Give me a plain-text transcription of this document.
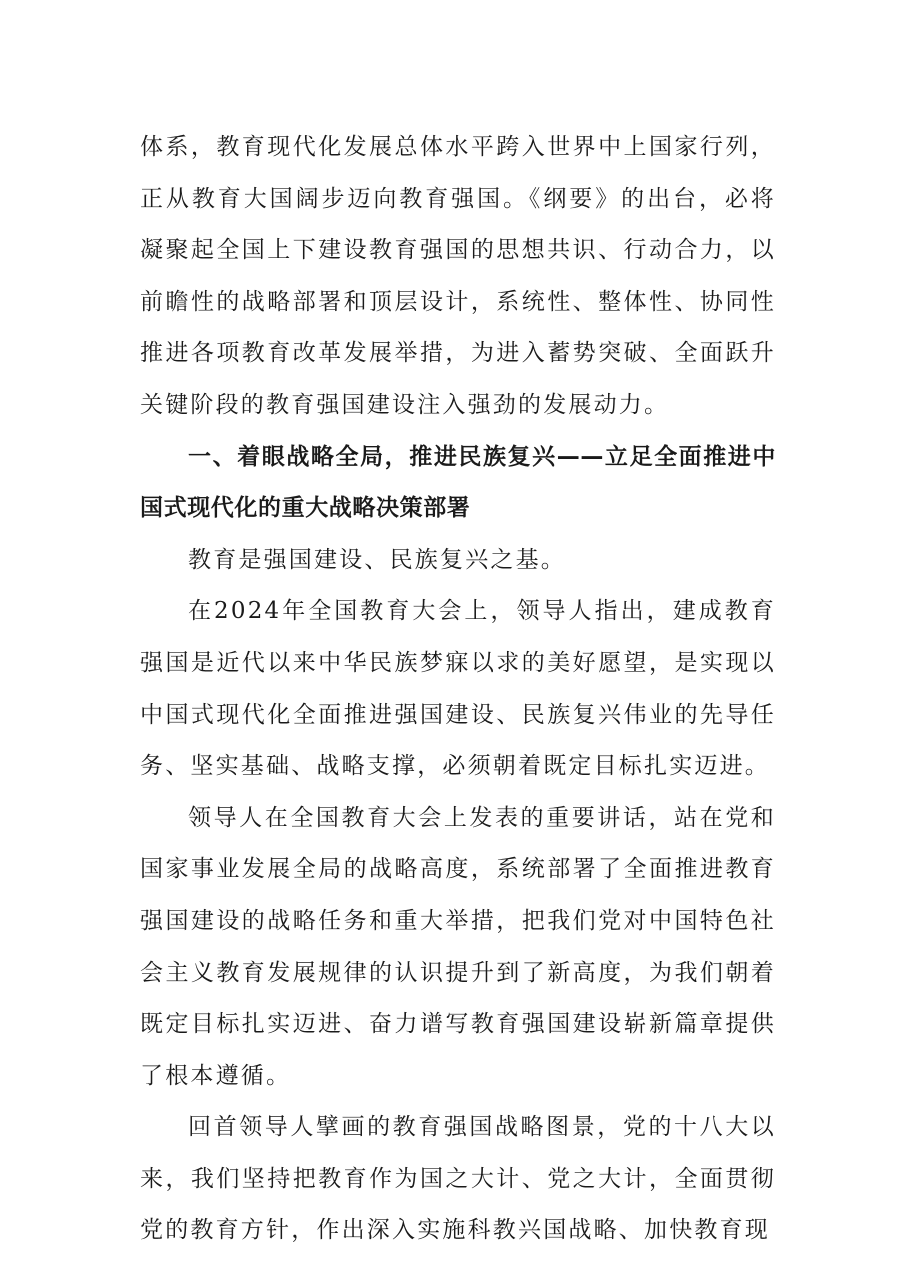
体系，教育现代化发展总体水平跨入世界中上国家行列，正从教育大国阔步迈向教育强国。《纲要》的出台，必将凝聚起全国上下建设教育强国的思想共识、行动合力，以前瞻性的战略部署和顶层设计，系统性、整体性、协同性推进各项教育改革发展举措，为进入蓄势突破、全面跃升关键阶段的教育强国建设注入强劲的发展动力。

一、着眼战略全局，推进民族复兴——立足全面推进中国式现代化的重大战略决策部署

教育是强国建设、民族复兴之基。

在2024年全国教育大会上，领导人指出，建成教育强国是近代以来中华民族梦寐以求的美好愿望，是实现以中国式现代化全面推进强国建设、民族复兴伟业的先导任务、坚实基础、战略支撑，必须朝着既定目标扎实迈进。

领导人在全国教育大会上发表的重要讲话，站在党和国家事业发展全局的战略高度，系统部署了全面推进教育强国建设的战略任务和重大举措，把我们党对中国特色社会主义教育发展规律的认识提升到了新高度，为我们朝着既定目标扎实迈进、奋力谱写教育强国建设崭新篇章提供了根本遵循。

回首领导人擘画的教育强国战略图景，党的十八大以来，我们坚持把教育作为国之大计、党之大计，全面贯彻党的教育方针，作出深入实施科教兴国战略、加快教育现
